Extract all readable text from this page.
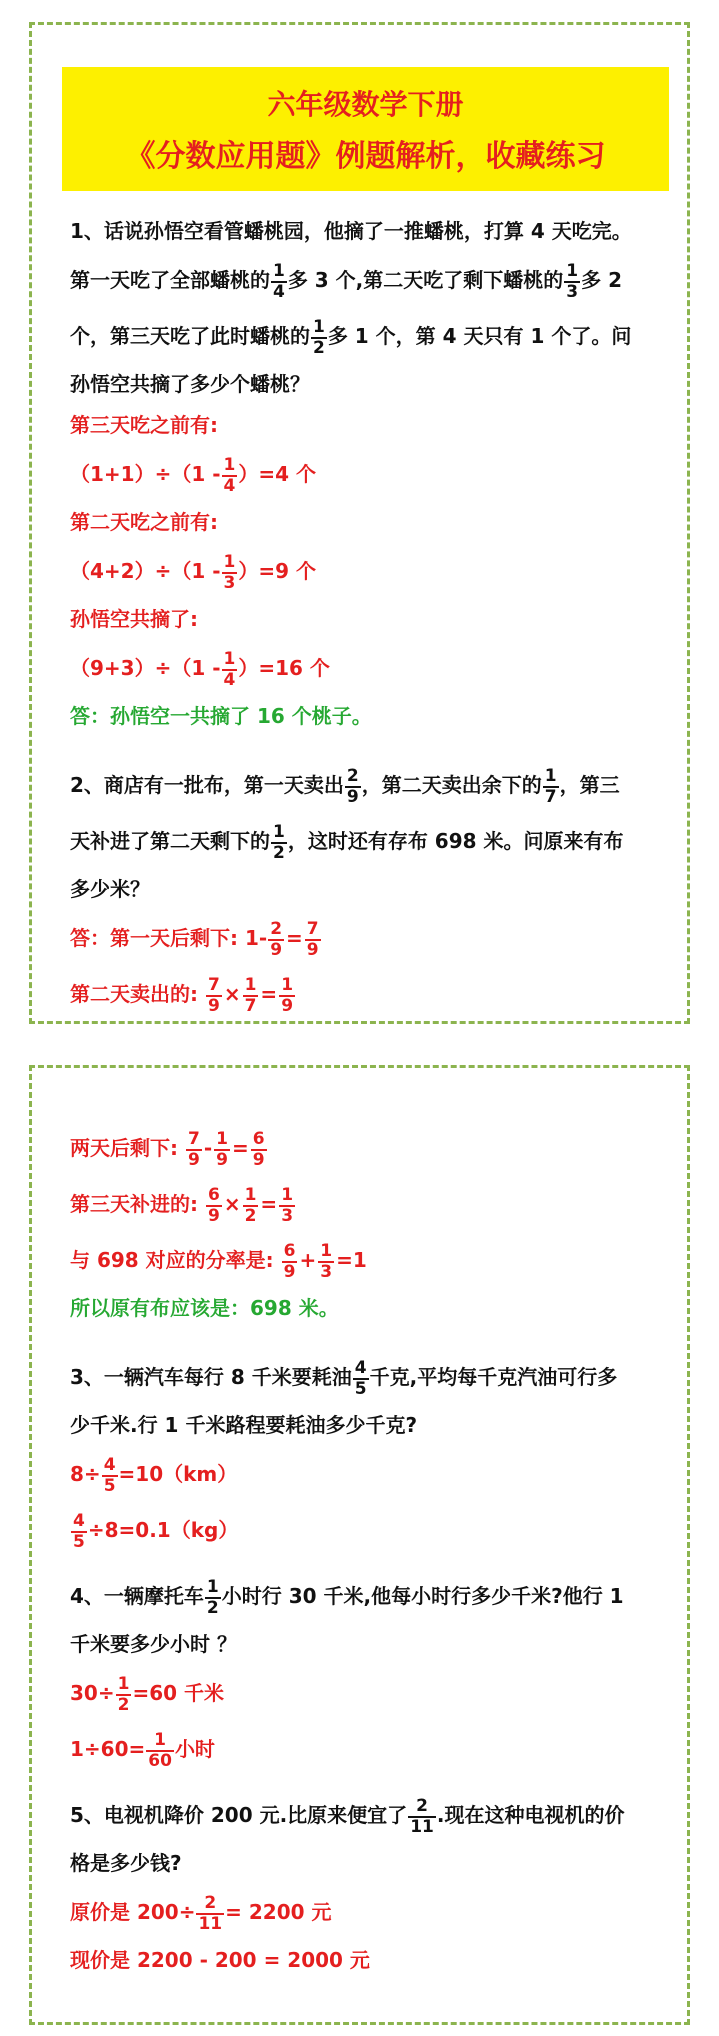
六年级数学下册
《分数应用题》例题解析，收藏练习
1、话说孙悟空看管蟠桃园，他摘了一推蟠桃，打算 4 天吃完。
第一天吃了全部蟠桃的 $\frac{1}{4}$ 多 3 个,第二天吃了剩下蟠桃的 $\frac{1}{3}$ 多 2
个，第三天吃了此时蟠桃的 $\frac{1}{2}$ 多 1 个，第 4 天只有 1 个了。问
孙悟空共摘了多少个蟠桃？
第三天吃之前有:
$(1+1)\div(1 - \frac{1}{4} )=4$ 个
第二天吃之前有:
$(4+2)\div(1 - \frac{1}{3} )=9$ 个
孙悟空共摘了:
$(9+3)\div(1 - \frac{1}{4} )=16$ 个
答：孙悟空一共摘了 16 个桃子。
2、商店有一批布，第一天卖出 $\frac{2}{9}$ ，第二天卖出余下的 $\frac{1}{7}$ ，第三
天补进了第二天剩下的 $\frac{1}{2}$ ，这时还有存布 698 米。问原来有布
多少米？
答：第一天后剩下: $1- \frac{2}{9} = \frac{7}{9}$
第二天卖出的: $\frac{7}{9} \times \frac{1}{7} = \frac{1}{9}$
两天后剩下: $\frac{7}{9} - \frac{1}{9} = \frac{6}{9}$
第三天补进的: $\frac{6}{9} \times \frac{1}{2} = \frac{1}{3}$
与 698 对应的分率是: $\frac{6}{9} + \frac{1}{3} =1$
所以原有布应该是：698 米。
3、一辆汽车每行 8 千米要耗油 $\frac{4}{5}$ 千克,平均每千克汽油可行多
少千米.行 1 千米路程要耗油多少千克?
$8\div \frac{4}{5} =10(km)$
$\frac{4}{5} \div 8=0.1(kg)$
4、一辆摩托车 $\frac{1}{2}$ 小时行 30 千米,他每小时行多少千米?他行 1
千米要多少小时 ？
$30\div \frac{1}{2} =60$ 千米
$1\div 60= \frac{1}{60}$ 小时
5、电视机降价 200 元.比原来便宜了 $\frac{2}{11}$ .现在这种电视机的价
格是多少钱?
原价是 $200\div \frac{2}{11} = 2200$ 元
现价是 2200 - 200 = 2000 元
